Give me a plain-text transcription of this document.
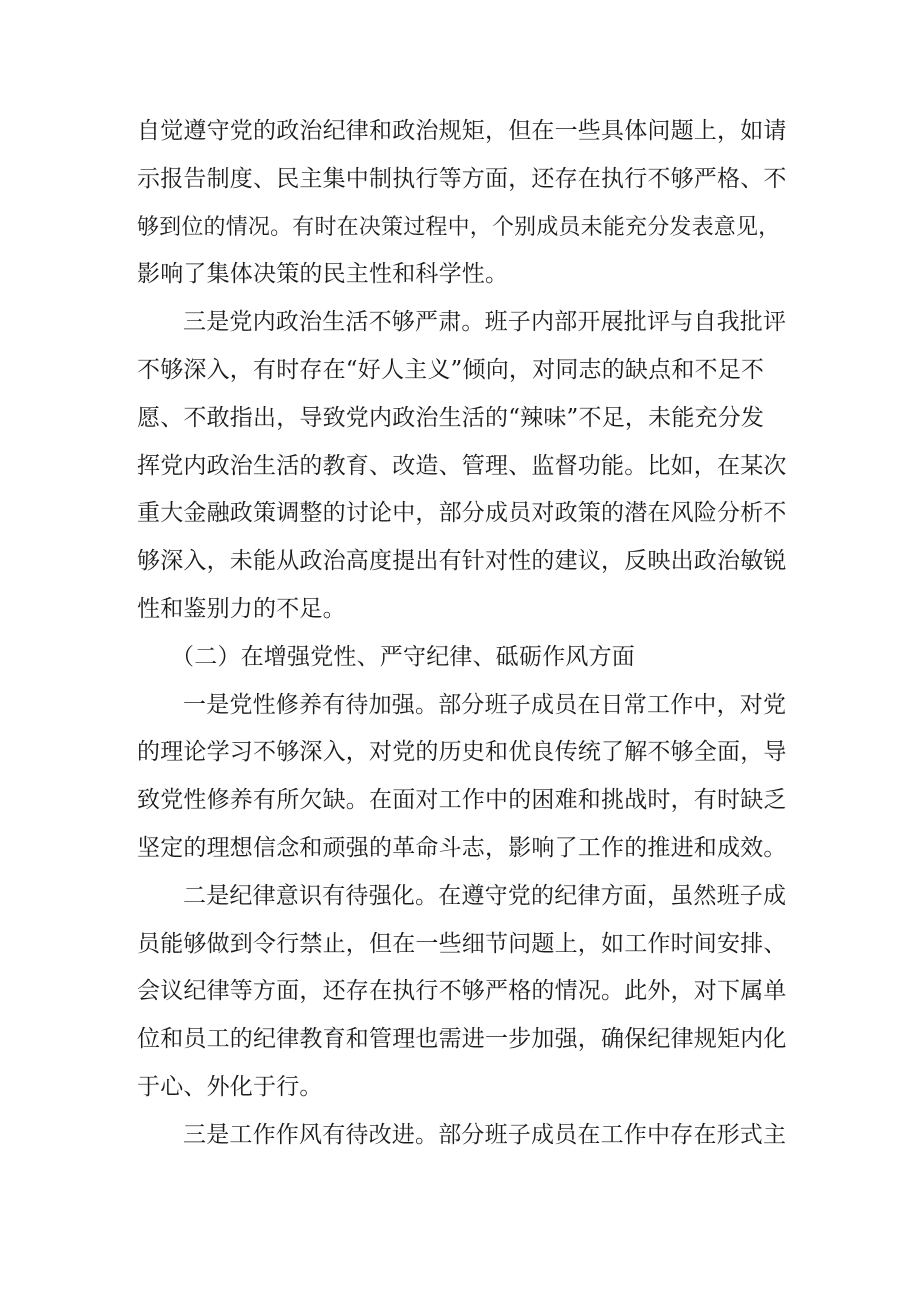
自觉遵守党的政治纪律和政治规矩，但在一些具体问题上，如请
示报告制度、民主集中制执行等方面，还存在执行不够严格、不
够到位的情况。有时在决策过程中，个别成员未能充分发表意见，
影响了集体决策的民主性和科学性。
三是党内政治生活不够严肃。班子内部开展批评与自我批评
不够深入，有时存在“好人主义”倾向，对同志的缺点和不足不
愿、不敢指出，导致党内政治生活的“辣味”不足，未能充分发
挥党内政治生活的教育、改造、管理、监督功能。比如，在某次
重大金融政策调整的讨论中，部分成员对政策的潜在风险分析不
够深入，未能从政治高度提出有针对性的建议，反映出政治敏锐
性和鉴别力的不足。
（二）在增强党性、严守纪律、砥砺作风方面
一是党性修养有待加强。部分班子成员在日常工作中，对党
的理论学习不够深入，对党的历史和优良传统了解不够全面，导
致党性修养有所欠缺。在面对工作中的困难和挑战时，有时缺乏
坚定的理想信念和顽强的革命斗志，影响了工作的推进和成效。
二是纪律意识有待强化。在遵守党的纪律方面，虽然班子成
员能够做到令行禁止，但在一些细节问题上，如工作时间安排、
会议纪律等方面，还存在执行不够严格的情况。此外，对下属单
位和员工的纪律教育和管理也需进一步加强，确保纪律规矩内化
于心、外化于行。
三是工作作风有待改进。部分班子成员在工作中存在形式主
